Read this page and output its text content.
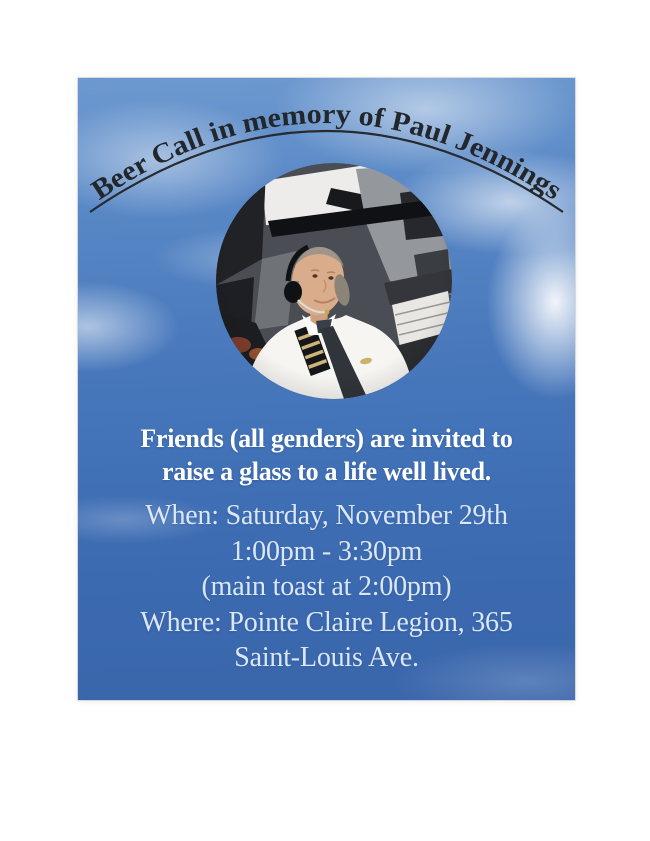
Beer Call in memory of Paul Jennings
Friends (all genders) are invited to
raise a glass to a life well lived.
When: Saturday, November 29th
1:00pm - 3:30pm
(main toast at 2:00pm)
Where: Pointe Claire Legion, 365
Saint-Louis Ave.
